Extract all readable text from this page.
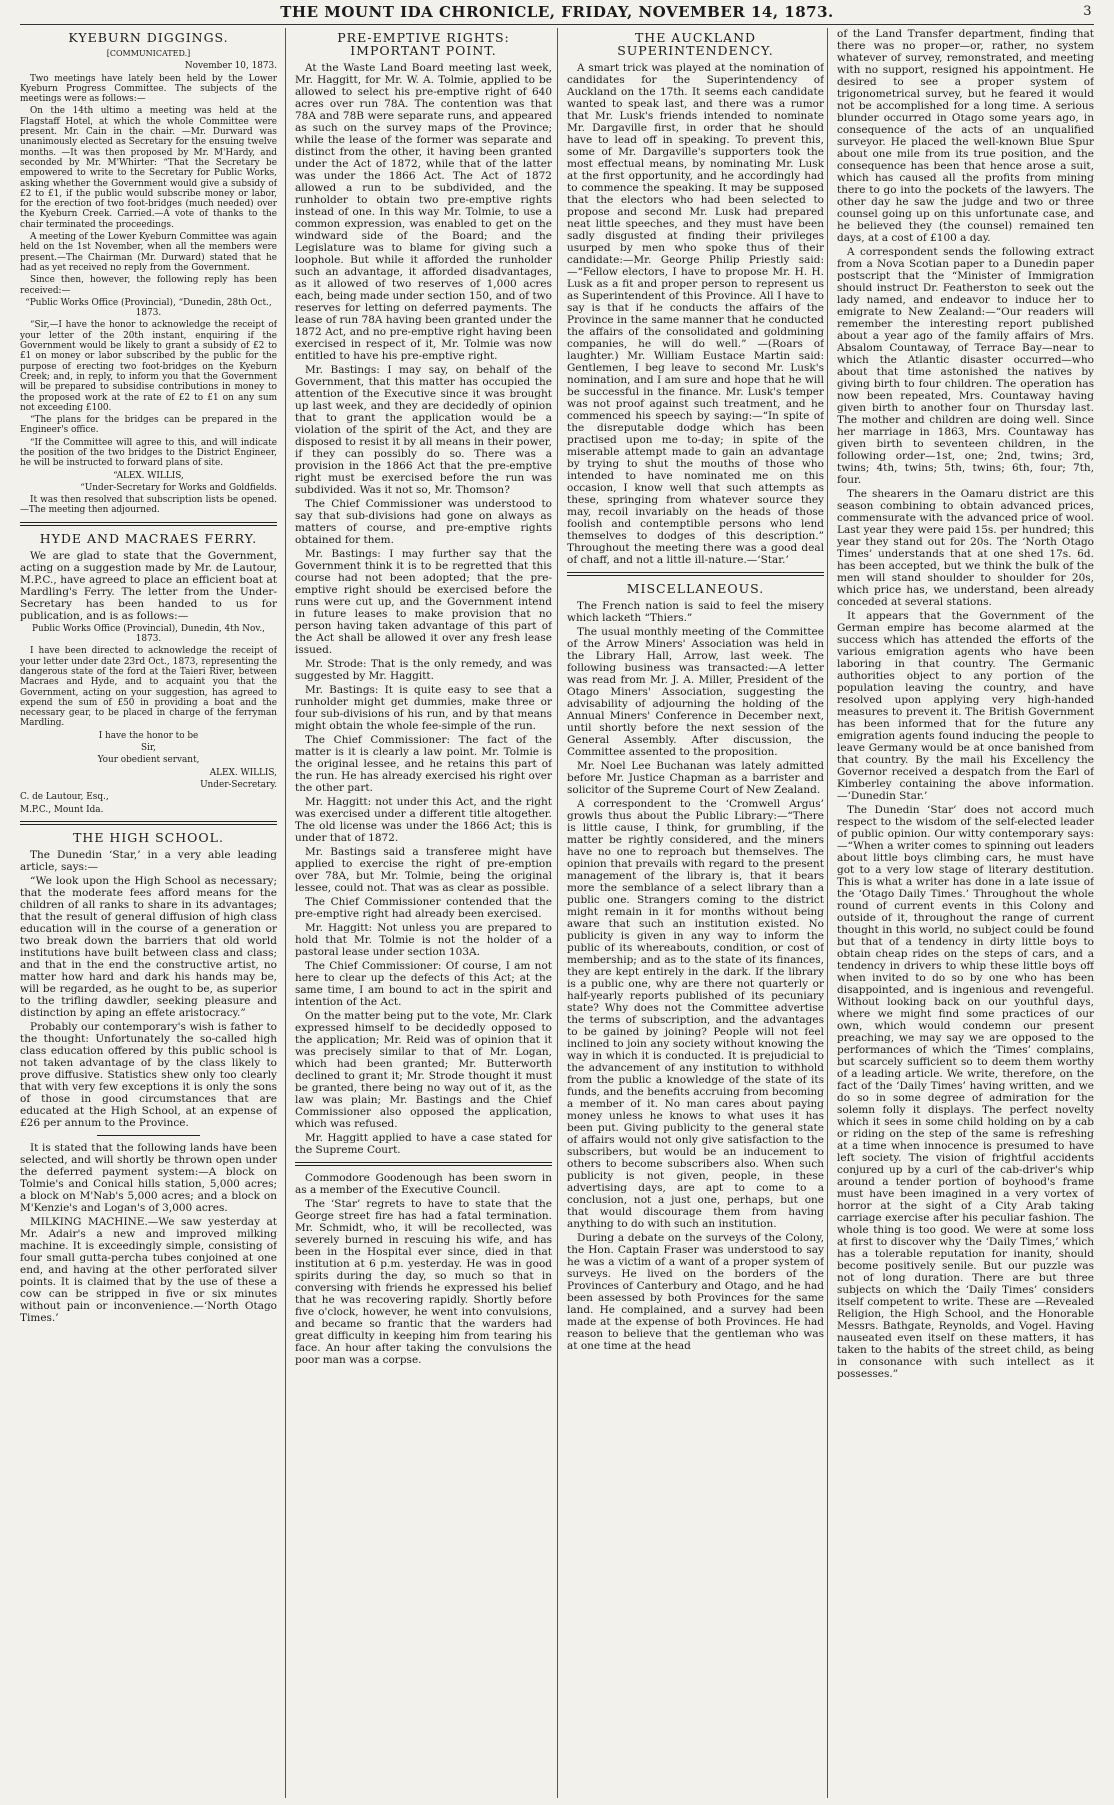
THE MOUNT IDA CHRONICLE, FRIDAY, NOVEMBER 14, 1873.	3
KYEBURN DIGGINGS.
[COMMUNICATED.]
November 10, 1873.

Two meetings have lately been held by the Lower Kyeburn Progress Committee. The subjects of the meetings were as follows:—

On the 14th ultimo a meeting was held at the Flagstaff Hotel, at which the whole Committee were present. Mr. Cain in the chair. —Mr. Durward was unanimously elected as Secretary for the ensuing twelve months. —It was then proposed by Mr. M'Hardy, and seconded by Mr. M'Whirter: “That the Secretary be empowered to write to the Secretary for Public Works, asking whether the Government would give a subsidy of £2 to £1, if the public would subscribe money or labor, for the erection of two foot-bridges (much needed) over the Kyeburn Creek. Carried.—A vote of thanks to the chair terminated the proceedings.

A meeting of the Lower Kyeburn Committee was again held on the 1st November, when all the members were present.—The Chairman (Mr. Durward) stated that he had as yet received no reply from the Government.

Since then, however, the following reply has been received:—

“Public Works Office (Provincial), “Dunedin, 28th Oct., 1873.

“Sir,—I have the honor to acknowledge the receipt of your letter of the 20th instant, enquiring if the Government would be likely to grant a subsidy of £2 to £1 on money or labor subscribed by the public for the purpose of erecting two foot-bridges on the Kyeburn Creek; and, in reply, to inform you that the Government will be prepared to subsidise contributions in money to the proposed work at the rate of £2 to £1 on any sum not exceeding £100.

“The plans for the bridges can be prepared in the Engineer's office.

“If the Committee will agree to this, and will indicate the position of the two bridges to the District Engineer, he will be instructed to forward plans of site.

“ALEX. WILLIS,

“Under-Secretary for Works and Goldfields.

It was then resolved that subscription lists be opened.—The meeting then adjourned.

HYDE AND MACRAES FERRY.

We are glad to state that the Government, acting on a suggestion made by Mr. de Lautour, M.P.C., have agreed to place an efficient boat at Mardling's Ferry. The letter from the Under-Secretary has been handed to us for publication, and is as follows:—

Public Works Office (Provincial), Dunedin, 4th Nov., 1873.

I have been directed to acknowledge the receipt of your letter under date 23rd Oct., 1873, representing the dangerous state of the ford at the Taieri River, between Macraes and Hyde, and to acquaint you that the Government, acting on your suggestion, has agreed to expend the sum of £50 in providing a boat and the necessary gear, to be placed in charge of the ferryman Mardling.

I have the honor to be

Sir,

Your obedient servant,

ALEX. WILLIS,

Under-Secretary.

C. de Lautour, Esq.,

M.P.C., Mount Ida.

THE HIGH SCHOOL.

The Dunedin ‘Star,’ in a very able leading article, says:—

“We look upon the High School as necessary; that the moderate fees afford means for the children of all ranks to share in its advantages; that the result of general diffusion of high class education will in the course of a generation or two break down the barriers that old world institutions have built between class and class; and that in the end the constructive artist, no matter how hard and dark his hands may be, will be regarded, as he ought to be, as superior to the trifling dawdler, seeking pleasure and distinction by aping an effete aristocracy.”

Probably our contemporary's wish is father to the thought: Unfortunately the so-called high class education offered by this public school is not taken advantage of by the class likely to prove diffusive. Statistics shew only too clearly that with very few exceptions it is only the sons of those in good circumstances that are educated at the High School, at an expense of £26 per annum to the Province.

It is stated that the following lands have been selected, and will shortly be thrown open under the deferred payment system:—A block on Tolmie's and Conical hills station, 5,000 acres; a block on M'Nab's 5,000 acres; and a block on M'Kenzie's and Logan's of 3,000 acres.

MILKING MACHINE.—We saw yesterday at Mr. Adair's a new and improved milking machine. It is exceedingly simple, consisting of four small gutta-percha tubes conjoined at one end, and having at the other perforated silver points. It is claimed that by the use of these a cow can be stripped in five or six minutes without pain or inconvenience.—‘North Otago Times.’

PRE-EMPTIVE RIGHTS: IMPORTANT POINT.

At the Waste Land Board meeting last week, Mr. Haggitt, for Mr. W. A. Tolmie, applied to be allowed to select his pre-emptive right of 640 acres over run 78A. The contention was that 78A and 78B were separate runs, and appeared as such on the survey maps of the Province; while the lease of the former was separate and distinct from the other, it having been granted under the Act of 1872, while that of the latter was under the 1866 Act. The Act of 1872 allowed a run to be subdivided, and the runholder to obtain two pre-emptive rights instead of one. In this way Mr. Tolmie, to use a common expression, was enabled to get on the windward side of the Board; and the Legislature was to blame for giving such a loophole. But while it afforded the runholder such an advantage, it afforded disadvantages, as it allowed of two reserves of 1,000 acres each, being made under section 150, and of two reserves for letting on deferred payments. The lease of run 78A having been granted under the 1872 Act, and no pre-emptive right having been exercised in respect of it, Mr. Tolmie was now entitled to have his pre-emptive right.

Mr. Bastings: I may say, on behalf of the Government, that this matter has occupied the attention of the Executive since it was brought up last week, and they are decidedly of opinion that to grant the application would be a violation of the spirit of the Act, and they are disposed to resist it by all means in their power, if they can possibly do so. There was a provision in the 1866 Act that the pre-emptive right must be exercised before the run was subdivided. Was it not so, Mr. Thomson?

The Chief Commissioner was understood to say that sub-divisions had gone on always as matters of course, and pre-emptive rights obtained for them.

Mr. Bastings: I may further say that the Government think it is to be regretted that this course had not been adopted; that the pre-emptive right should be exercised before the runs were cut up, and the Government intend in future leases to make provision that no person having taken advantage of this part of the Act shall be allowed it over any fresh lease issued.

Mr. Strode: That is the only remedy, and was suggested by Mr. Haggitt.

Mr. Bastings: It is quite easy to see that a runholder might get dummies, make three or four sub-divisions of his run, and by that means might obtain the whole fee-simple of the run.

The Chief Commissioner: The fact of the matter is it is clearly a law point. Mr. Tolmie is the original lessee, and he retains this part of the run. He has already exercised his right over the other part.

Mr. Haggitt: not under this Act, and the right was exercised under a different title altogether. The old license was under the 1866 Act; this is under that of 1872.

Mr. Bastings said a transferee might have applied to exercise the right of pre-emption over 78A, but Mr. Tolmie, being the original lessee, could not. That was as clear as possible.

The Chief Commissioner contended that the pre-emptive right had already been exercised.

Mr. Haggitt: Not unless you are prepared to hold that Mr. Tolmie is not the holder of a pastoral lease under section 103A.

The Chief Commissioner: Of course, I am not here to clear up the defects of this Act; at the same time, I am bound to act in the spirit and intention of the Act.

On the matter being put to the vote, Mr. Clark expressed himself to be decidedly opposed to the application; Mr. Reid was of opinion that it was precisely similar to that of Mr. Logan, which had been granted; Mr. Butterworth declined to grant it; Mr. Strode thought it must be granted, there being no way out of it, as the law was plain; Mr. Bastings and the Chief Commissioner also opposed the application, which was refused.

Mr. Haggitt applied to have a case stated for the Supreme Court.

Commodore Goodenough has been sworn in as a member of the Executive Council.

The ‘Star’ regrets to have to state that the George street fire has had a fatal termination. Mr. Schmidt, who, it will be recollected, was severely burned in rescuing his wife, and has been in the Hospital ever since, died in that institution at 6 p.m. yesterday. He was in good spirits during the day, so much so that in conversing with friends he expressed his belief that he was recovering rapidly. Shortly before five o'clock, however, he went into convulsions, and became so frantic that the warders had great difficulty in keeping him from tearing his face. An hour after taking the convulsions the poor man was a corpse.

THE AUCKLAND SUPERINTENDENCY.

A smart trick was played at the nomination of candidates for the Superintendency of Auckland on the 17th. It seems each candidate wanted to speak last, and there was a rumor that Mr. Lusk's friends intended to nominate Mr. Dargaville first, in order that he should have to lead off in speaking. To prevent this, some of Mr. Dargaville's supporters took the most effectual means, by nominating Mr. Lusk at the first opportunity, and he accordingly had to commence the speaking. It may be supposed that the electors who had been selected to propose and second Mr. Lusk had prepared neat little speeches, and they must have been sadly disgusted at finding their privileges usurped by men who spoke thus of their candidate:—Mr. George Philip Priestly said:—“Fellow electors, I have to propose Mr. H. H. Lusk as a fit and proper person to represent us as Superintendent of this Province. All I have to say is that if he conducts the affairs of the Province in the same manner that he conducted the affairs of the consolidated and goldmining companies, he will do well.” —(Roars of laughter.) Mr. William Eustace Martin said: Gentlemen, I beg leave to second Mr. Lusk's nomination, and I am sure and hope that he will be successful in the finance. Mr. Lusk's temper was not proof against such treatment, and he commenced his speech by saying:—“In spite of the disreputable dodge which has been practised upon me to-day; in spite of the miserable attempt made to gain an advantage by trying to shut the mouths of those who intended to have nominated me on this occasion, I know well that such attempts as these, springing from whatever source they may, recoil invariably on the heads of those foolish and contemptible persons who lend themselves to dodges of this description.” Throughout the meeting there was a good deal of chaff, and not a little ill-nature.—‘Star.’

MISCELLANEOUS.

The French nation is said to feel the misery which lacketh “Thiers.”

The usual monthly meeting of the Committee of the Arrow Miners' Association was held in the Library Hall, Arrow, last week. The following business was transacted:—A letter was read from Mr. J. A. Miller, President of the Otago Miners' Association, suggesting the advisability of adjourning the holding of the Annual Miners' Conference in December next, until shortly before the next session of the General Assembly. After discussion, the Committee assented to the proposition.

Mr. Noel Lee Buchanan was lately admitted before Mr. Justice Chapman as a barrister and solicitor of the Supreme Court of New Zealand.

A correspondent to the ‘Cromwell Argus’ growls thus about the Public Library:—“There is little cause, I think, for grumbling, if the matter be rightly considered, and the miners have no one to reproach but themselves. The opinion that prevails with regard to the present management of the library is, that it bears more the semblance of a select library than a public one. Strangers coming to the district might remain in it for months without being aware that such an institution existed. No publicity is given in any way to inform the public of its whereabouts, condition, or cost of membership; and as to the state of its finances, they are kept entirely in the dark. If the library is a public one, why are there not quarterly or half-yearly reports published of its pecuniary state? Why does not the Committee advertise the terms of subscription, and the advantages to be gained by joining? People will not feel inclined to join any society without knowing the way in which it is conducted. It is prejudicial to the advancement of any institution to withhold from the public a knowledge of the state of its funds, and the benefits accruing from becoming a member of it. No man cares about paying money unless he knows to what uses it has been put. Giving publicity to the general state of affairs would not only give satisfaction to the subscribers, but would be an inducement to others to become subscribers also. When such publicity is not given, people, in these advertising days, are apt to come to a conclusion, not a just one, perhaps, but one that would discourage them from having anything to do with such an institution.

During a debate on the surveys of the Colony, the Hon. Captain Fraser was understood to say he was a victim of a want of a proper system of surveys. He lived on the borders of the Provinces of Canterbury and Otago, and he had been assessed by both Provinces for the same land. He complained, and a survey had been made at the expense of both Provinces. He had reason to believe that the gentleman who was at one time at the head

of the Land Transfer department, finding that there was no proper—or, rather, no system whatever of survey, remonstrated, and meeting with no support, resigned his appointment. He desired to see a proper system of trigonometrical survey, but he feared it would not be accomplished for a long time. A serious blunder occurred in Otago some years ago, in consequence of the acts of an unqualified surveyor. He placed the well-known Blue Spur about one mile from its true position, and the consequence has been that hence arose a suit, which has caused all the profits from mining there to go into the pockets of the lawyers. The other day he saw the judge and two or three counsel going up on this unfortunate case, and he believed they (the counsel) remained ten days, at a cost of £100 a day.

A correspondent sends the following extract from a Nova Scotian paper to a Dunedin paper postscript that the “Minister of Immigration should instruct Dr. Featherston to seek out the lady named, and endeavor to induce her to emigrate to New Zealand:—“Our readers will remember the interesting report published about a year ago of the family affairs of Mrs. Absalom Countaway, of Terrace Bay—near to which the Atlantic disaster occurred—who about that time astonished the natives by giving birth to four children. The operation has now been repeated, Mrs. Countaway having given birth to another four on Thursday last. The mother and children are doing well. Since her marriage in 1863, Mrs. Countaway has given birth to seventeen children, in the following order—1st, one; 2nd, twins; 3rd, twins; 4th, twins; 5th, twins; 6th, four; 7th, four.

The shearers in the Oamaru district are this season combining to obtain advanced prices, commensurate with the advanced price of wool. Last year they were paid 15s. per hundred; this year they stand out for 20s. The ‘North Otago Times’ understands that at one shed 17s. 6d. has been accepted, but we think the bulk of the men will stand shoulder to shoulder for 20s, which price has, we understand, been already conceded at several stations.

It appears that the Government of the German empire has become alarmed at the success which has attended the efforts of the various emigration agents who have been laboring in that country. The Germanic authorities object to any portion of the population leaving the country, and have resolved upon applying very high-handed measures to prevent it. The British Government has been informed that for the future any emigration agents found inducing the people to leave Germany would be at once banished from that country. By the mail his Excellency the Governor received a despatch from the Earl of Kimberley containing the above information.—‘Dunedin Star.’

The Dunedin ‘Star’ does not accord much respect to the wisdom of the self-elected leader of public opinion. Our witty contemporary says:—“When a writer comes to spinning out leaders about little boys climbing cars, he must have got to a very low stage of literary destitution. This is what a writer has done in a late issue of the ‘Otago Daily Times.’ Throughout the whole round of current events in this Colony and outside of it, throughout the range of current thought in this world, no subject could be found but that of a tendency in dirty little boys to obtain cheap rides on the steps of cars, and a tendency in drivers to whip these little boys off when invited to do so by one who has been disappointed, and is ingenious and revengeful. Without looking back on our youthful days, where we might find some practices of our own, which would condemn our present preaching, we may say we are opposed to the performances of which the ‘Times’ complains, but scarcely sufficient so to deem them worthy of a leading article. We write, therefore, on the fact of the ‘Daily Times’ having written, and we do so in some degree of admiration for the solemn folly it displays. The perfect novelty which it sees in some child holding on by a cab or riding on the step of the same is refreshing at a time when innocence is presumed to have left society. The vision of frightful accidents conjured up by a curl of the cab-driver's whip around a tender portion of boyhood's frame must have been imagined in a very vortex of horror at the sight of a City Arab taking carriage exercise after his peculiar fashion. The whole thing is too good. We were at some loss at first to discover why the ‘Daily Times,’ which has a tolerable reputation for inanity, should become positively senile. But our puzzle was not of long duration. There are but three subjects on which the ‘Daily Times’ considers itself competent to write. These are —Revealed Religion, the High School, and the Honorable Messrs. Bathgate, Reynolds, and Vogel. Having nauseated even itself on these matters, it has taken to the habits of the street child, as being in consonance with such intellect as it possesses.”
